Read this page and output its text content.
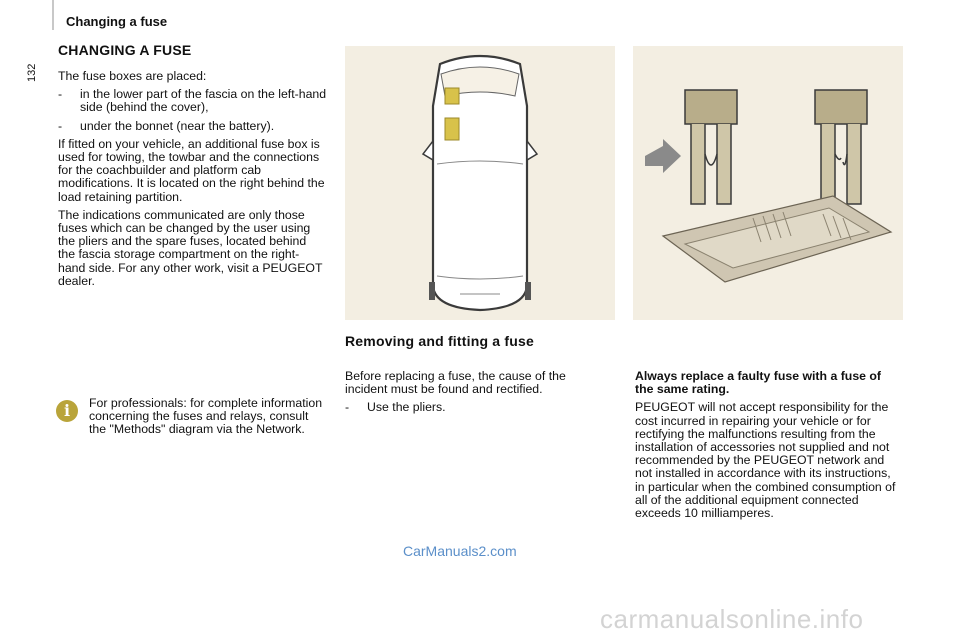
Changing a fuse
132
CHANGING A FUSE

The fuse boxes are placed:

-	in the lower part of the fascia on the left-hand side (behind the cover),
-	under the bonnet (near the battery).

If fitted on your vehicle, an additional fuse box is used for towing, the towbar and the connections for the coachbuilder and platform cab modifications. It is located on the right behind the load retaining partition.

The indications communicated are only those fuses which can be changed by the user using the pliers and the spare fuses, located behind the fascia storage compartment on the right-hand side. For any other work, visit a PEUGEOT dealer.

i	For professionals: for complete information concerning the fuses and relays, consult the "Methods" diagram via the Network.
Removing and fitting a fuse

Before replacing a fuse, the cause of the incident must be found and rectified.

-	Use the pliers.

Always replace a faulty fuse with a fuse of the same rating.

PEUGEOT will not accept responsibility for the cost incurred in repairing your vehicle or for rectifying the malfunctions resulting from the installation of accessories not supplied and not recommended by the PEUGEOT network and not installed in accordance with its instructions, in particular when the combined consumption of all of the additional equipment connected exceeds 10 milliamperes.

CarManuals2.com
carmanualsonline.info
